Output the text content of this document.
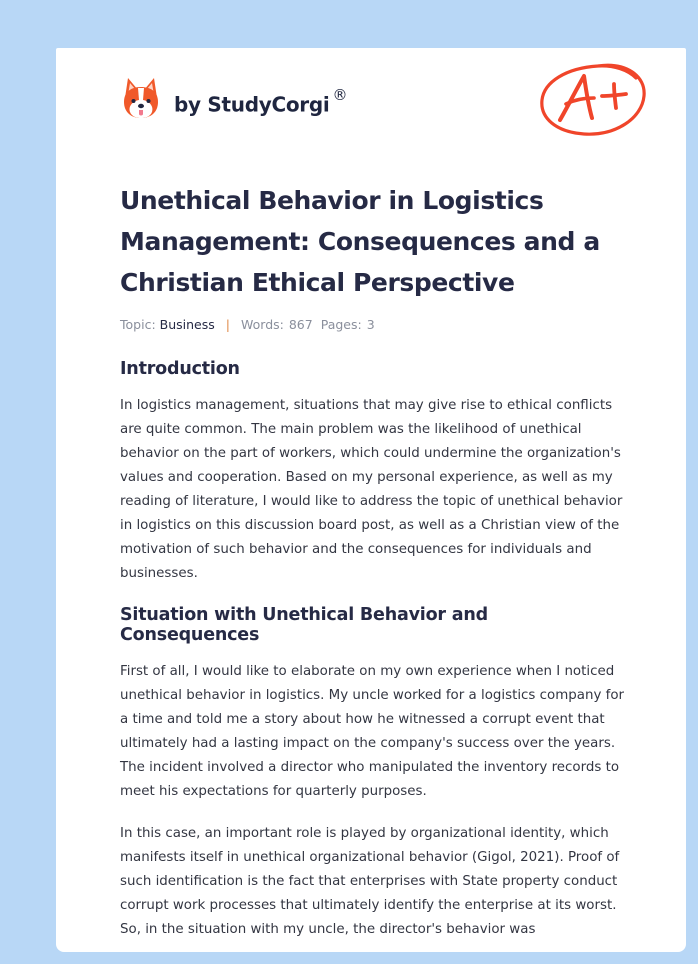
by StudyCorgi ®
Unethical Behavior in Logistics Management: Consequences and a Christian Ethical Perspective
Topic: Business | Words: 867 Pages: 3
Introduction

In logistics management, situations that may give rise to ethical conflicts are quite common. The main problem was the likelihood of unethical behavior on the part of workers, which could undermine the organization's values and cooperation. Based on my personal experience, as well as my reading of literature, I would like to address the topic of unethical behavior in logistics on this discussion board post, as well as a Christian view of the motivation of such behavior and the consequences for individuals and businesses.

Situation with Unethical Behavior and Consequences

First of all, I would like to elaborate on my own experience when I noticed unethical behavior in logistics. My uncle worked for a logistics company for a time and told me a story about how he witnessed a corrupt event that ultimately had a lasting impact on the company's success over the years. The incident involved a director who manipulated the inventory records to meet his expectations for quarterly purposes.

In this case, an important role is played by organizational identity, which manifests itself in unethical organizational behavior (Gigol, 2021). Proof of such identification is the fact that enterprises with State property conduct corrupt work processes that ultimately identify the enterprise at its worst. So, in the situation with my uncle, the director's behavior was
